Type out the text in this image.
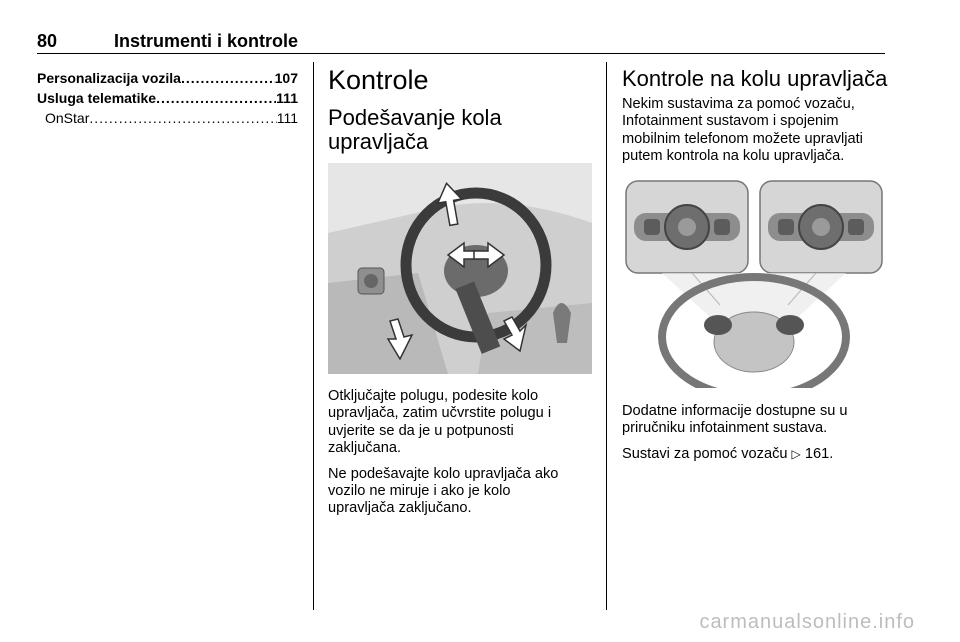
80	Instrumenti i kontrole
Personalizacija vozila .....	107
Usluga telematike .....	111
OnStar .....	111
Kontrole
Podešavanje kola
upravljača

Otključajte polugu, podesite kolo
upravljača, zatim učvrstite polugu i
uvjerite se da je u potpunosti
zaključana.

Ne podešavajte kolo upravljača ako
vozilo ne miruje i ako je kolo
upravljača zaključano.

Kontrole na kolu upravljača

Nekim sustavima za pomoć vozaču,
Infotainment sustavom i spojenim
mobilnim telefonom možete upravljati
putem kontrola na kolu upravljača.

Dodatne informacije dostupne su u
priručniku infotainment sustava.

Sustavi za pomoć vozaču ▷ 161.

carmanualsonline.info
